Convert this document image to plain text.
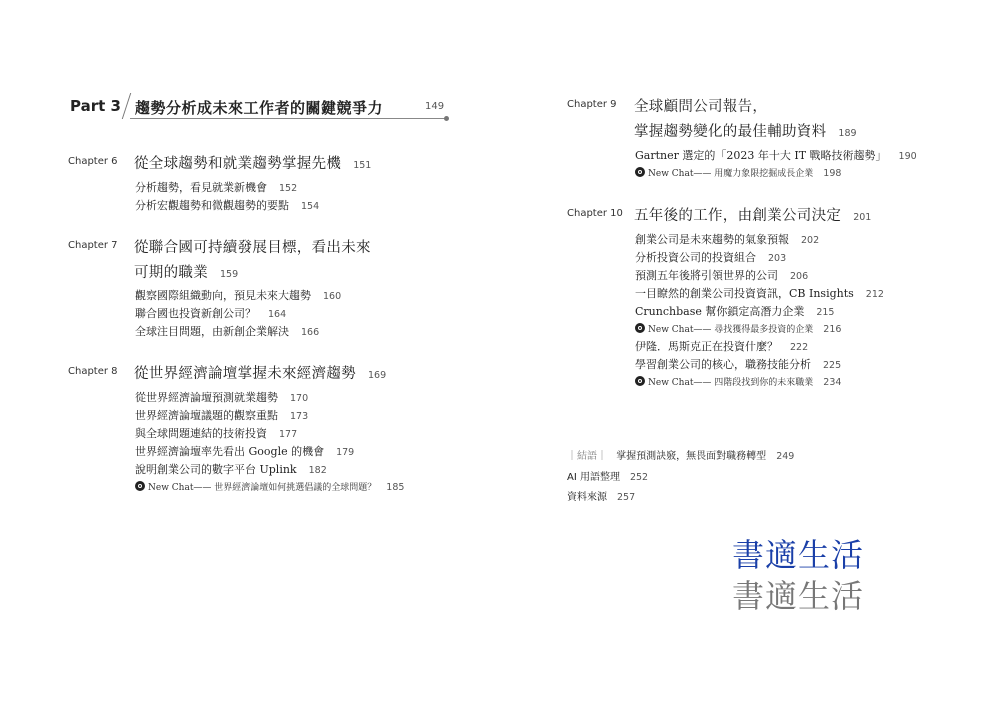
Part 3 趨勢分析成未來工作者的關鍵競爭力	149
Chapter 6 從全球趨勢和就業趨勢掌握先機 151
分析趨勢，看見就業新機會 152
分析宏觀趨勢和微觀趨勢的要點 154
Chapter 7 從聯合國可持續發展目標，看出未來
可期的職業 159
觀察國際組織動向，預見未來大趨勢 160
聯合國也投資新創公司？ 164
全球注目問題，由新創企業解決 166
Chapter 8 從世界經濟論壇掌握未來經濟趨勢 169
從世界經濟論壇預測就業趨勢 170
世界經濟論壇議題的觀察重點 173
與全球問題連結的技術投資 177
世界經濟論壇率先看出 Google 的機會 179
說明創業公司的數字平台 Uplink 182
New Chat—— 世界經濟論壇如何挑選倡議的全球問題？ 185
Chapter 9 全球顧問公司報告，
掌握趨勢變化的最佳輔助資料 189
Gartner 選定的「2023 年十大 IT 戰略技術趨勢」 190
New Chat—— 用魔力象限挖掘成長企業 198
Chapter 10 五年後的工作，由創業公司決定 201
創業公司是未來趨勢的氣象預報 202
分析投資公司的投資組合 203
預測五年後將引領世界的公司 206
一目瞭然的創業公司投資資訊，CB Insights 212
Crunchbase 幫你鎖定高潛力企業 215
New Chat—— 尋找獲得最多投資的企業 216
伊隆．馬斯克正在投資什麼？ 222
學習創業公司的核心，職務技能分析 225
New Chat—— 四階段找到你的未來職業 234
｜結語｜ 掌握預測訣竅，無畏面對職務轉型 249
AI 用語整理 252
資料來源 257
書適生活
書適生活
